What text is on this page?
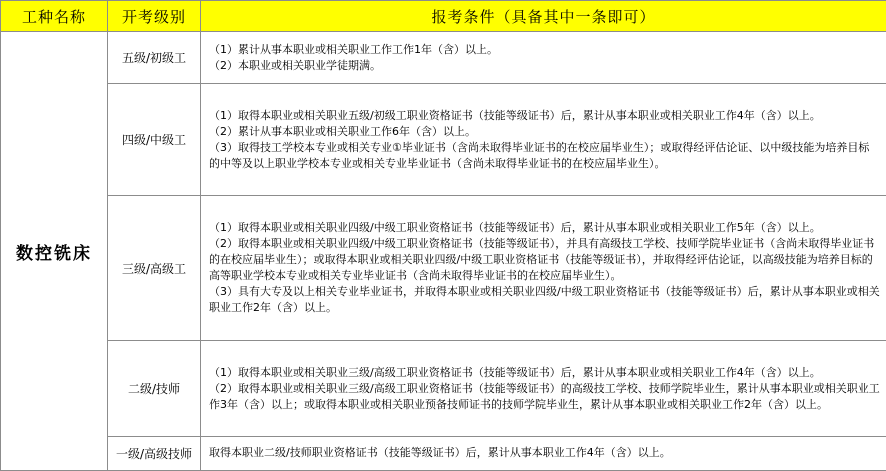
工种名称	开考级别	报考条件（具备其中一条即可）
数控铣床	五级/初级工	（1）累计从事本职业或相关职业工作工作1年（含）以上。
（2）本职业或相关职业学徒期满。

	四级/中级工	（1）取得本职业或相关职业五级/初级工职业资格证书（技能等级证书）后，累计从事本职业或相关职业工作4年（含）以上。
（2）累计从事本职业或相关职业工作6年（含）以上。
（3）取得技工学校本专业或相关专业①毕业证书（含尚未取得毕业证书的在校应届毕业生）；或取得经评估论证、以中级技能为培养目标的中等及以上职业学校本专业或相关专业毕业证书（含尚未取得毕业证书的在校应届毕业生）。

	三级/高级工	（1）取得本职业或相关职业四级/中级工职业资格证书（技能等级证书）后，累计从事本职业或相关职业工作5年（含）以上。
（2）取得本职业或相关职业四级/中级工职业资格证书（技能等级证书），并具有高级技工学校、技师学院毕业证书（含尚未取得毕业证书的在校应届毕业生）；或取得本职业或相关职业四级/中级工职业资格证书（技能等级证书），并取得经评估论证，以高级技能为培养目标的高等职业学校本专业或相关专业毕业证书（含尚未取得毕业证书的在校应届毕业生）。
（3）具有大专及以上相关专业毕业证书，并取得本职业或相关职业四级/中级工职业资格证书（技能等级证书）后，累计从事本职业或相关职业工作2年（含）以上。

	二级/技师	（1）取得本职业或相关职业三级/高级工职业资格证书（技能等级证书）后，累计从事本职业或相关职业工作4年（含）以上。
（2）取得本职业或相关职业三级/高级工职业资格证书（技能等级证书）的高级技工学校、技师学院毕业生，累计从事本职业或相关职业工作3年（含）以上；或取得本职业或相关职业预备技师证书的技师学院毕业生，累计从事本职业或相关职业工作2年（含）以上。

	一级/高级技师	取得本职业二级/技师职业资格证书（技能等级证书）后，累计从事本职业工作4年（含）以上。
